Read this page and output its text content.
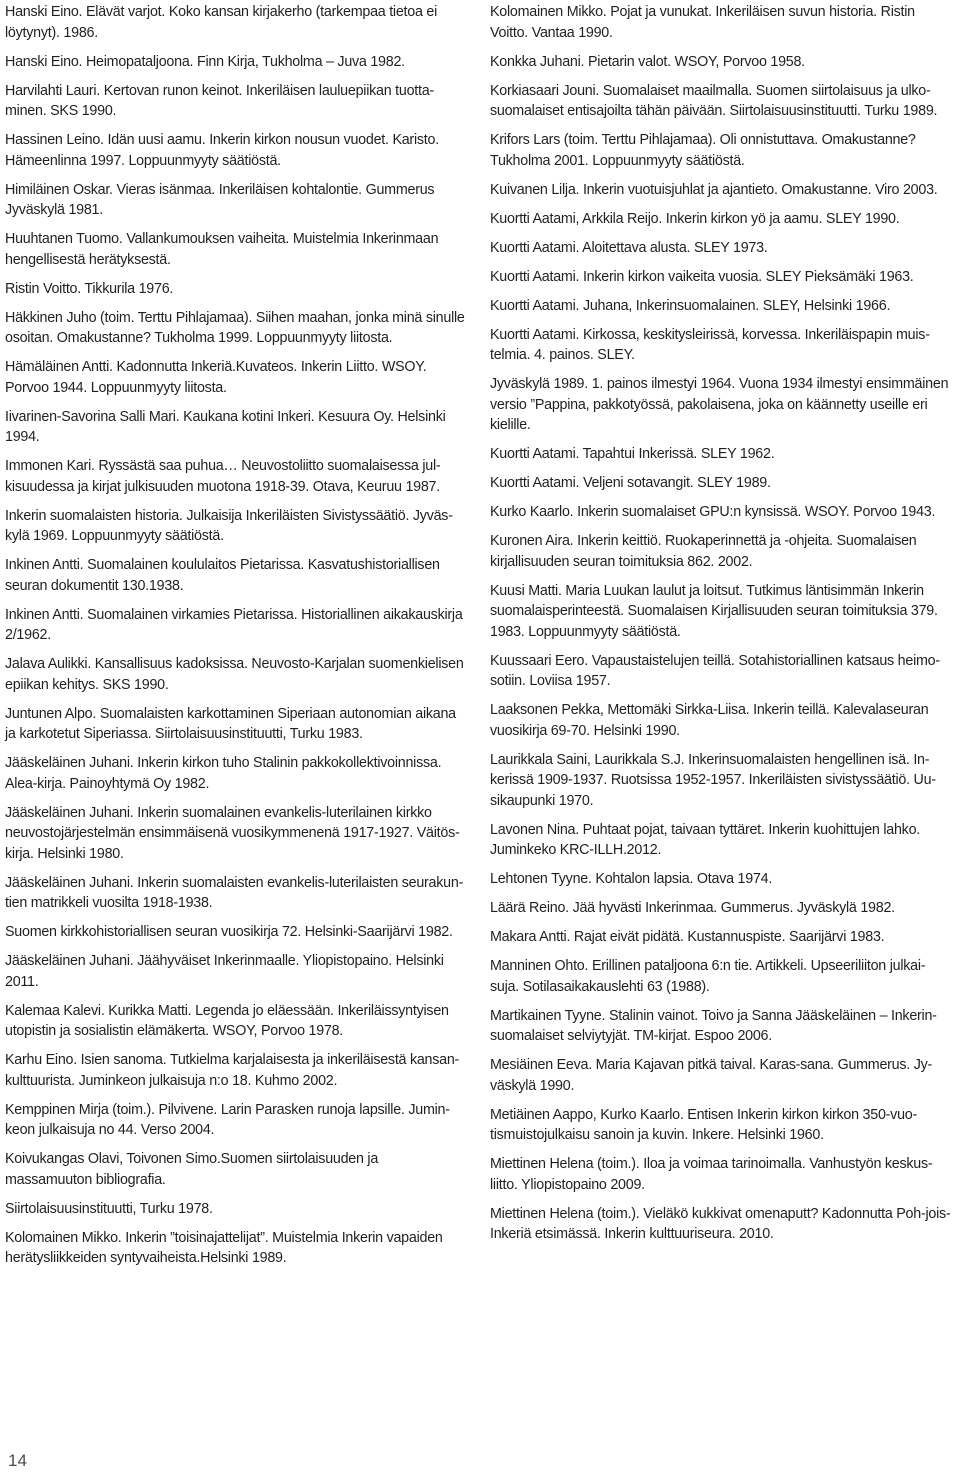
Hanski Eino. Elävät varjot. Koko kansan kirjakerho (tarkempaa tietoa ei löytynyt). 1986.

Hanski Eino. Heimopataljoona. Finn Kirja, Tukholma – Juva 1982.

Harvilahti Lauri. Kertovan runon keinot. Inkeriläisen lauluepiikan tuotta-minen. SKS 1990.

Hassinen Leino. Idän uusi aamu. Inkerin kirkon nousun vuodet. Karisto. Hämeenlinna 1997. Loppuunmyyty säätiöstä.

Himiläinen Oskar. Vieras isänmaa. Inkeriläisen kohtalontie. Gummerus Jyväskylä 1981.

Huuhtanen Tuomo. Vallankumouksen vaiheita. Muistelmia Inkerinmaan hengellisestä herätyksestä.

Ristin Voitto. Tikkurila 1976.

Häkkinen Juho (toim. Terttu Pihlajamaa). Siihen maahan, jonka minä sinulle osoitan. Omakustanne? Tukholma 1999. Loppuunmyyty liitosta.

Hämäläinen Antti. Kadonnutta Inkeriä.Kuvateos. Inkerin Liitto. WSOY. Porvoo 1944. Loppuunmyyty liitosta.

Iivarinen-Savorina Salli Mari. Kaukana kotini Inkeri. Kesuura Oy. Helsinki 1994.

Immonen Kari. Ryssästä saa puhua… Neuvostoliitto suomalaisessa jul-kisuudessa ja kirjat julkisuuden muotona 1918-39. Otava, Keuruu 1987.

Inkerin suomalaisten historia. Julkaisija Inkeriläisten Sivistyssäätiö. Jyväs-kylä 1969. Loppuunmyyty säätiöstä.

Inkinen Antti. Suomalainen koululaitos Pietarissa. Kasvatushistoriallisen seuran dokumentit 130.1938.

Inkinen Antti. Suomalainen virkamies Pietarissa. Historiallinen aikakauskirja 2/1962.

Jalava Aulikki. Kansallisuus kadoksissa. Neuvosto-Karjalan suomenkielisen epiikan kehitys. SKS 1990.

Juntunen Alpo. Suomalaisten karkottaminen Siperiaan autonomian aikana ja karkotetut Siperiassa. Siirtolaisuusinstituutti, Turku 1983.

Jääskeläinen Juhani. Inkerin kirkon tuho Stalinin pakkokollektivoinnissa. Alea-kirja. Painoyhtymä Oy 1982.

Jääskeläinen Juhani. Inkerin suomalainen evankelis-luterilainen kirkko neuvostojärjestelmän ensimmäisenä vuosikymmenenä 1917-1927. Väitös-kirja. Helsinki 1980.

Jääskeläinen Juhani. Inkerin suomalaisten evankelis-luterilaisten seurakun-tien matrikkeli vuosilta 1918-1938.

Suomen kirkkohistoriallisen seuran vuosikirja 72. Helsinki-Saarijärvi 1982.

Jääskeläinen Juhani. Jäähyväiset Inkerinmaalle. Yliopistopaino. Helsinki 2011.

Kalemaa Kalevi. Kurikka Matti. Legenda jo eläessään. Inkeriläissyntyisen utopistin ja sosialistin elämäkerta. WSOY, Porvoo 1978.

Karhu Eino. Isien sanoma. Tutkielma karjalaisesta ja inkeriläisestä kansan-kulttuurista. Juminkeon julkaisuja n:o 18. Kuhmo 2002.

Kemppinen Mirja (toim.). Pilvivene. Larin Parasken runoja lapsille. Jumin-keon julkaisuja no 44. Verso 2004.

Koivukangas Olavi, Toivonen Simo.Suomen siirtolaisuuden ja massamuuton bibliografia.

Siirtolaisuusinstituutti, Turku 1978.

Kolomainen Mikko. Inkerin ”toisinajattelijat”. Muistelmia Inkerin vapaiden herätysliikkeiden syntyvaiheista.Helsinki 1989.

Kolomainen Mikko. Pojat ja vunukat. Inkeriläisen suvun historia. Ristin Voitto. Vantaa 1990.

Konkka Juhani. Pietarin valot. WSOY, Porvoo 1958.

Korkiasaari Jouni. Suomalaiset maailmalla. Suomen siirtolaisuus ja ulko-suomalaiset entisajoilta tähän päivään. Siirtolaisuusinstituutti. Turku 1989.

Krifors Lars (toim. Terttu Pihlajamaa). Oli onnistuttava. Omakustanne? Tukholma 2001. Loppuunmyyty säätiöstä.

Kuivanen Lilja. Inkerin vuotuisjuhlat ja ajantieto. Omakustanne. Viro 2003.

Kuortti Aatami, Arkkila Reijo. Inkerin kirkon yö ja aamu. SLEY 1990.

Kuortti Aatami. Aloitettava alusta. SLEY 1973.

Kuortti Aatami. Inkerin kirkon vaikeita vuosia. SLEY Pieksämäki 1963.

Kuortti Aatami. Juhana, Inkerinsuomalainen. SLEY, Helsinki 1966.

Kuortti Aatami. Kirkossa, keskitysleirissä, korvessa. Inkeriläispapin muis-telmia. 4. painos. SLEY.

Jyväskylä 1989. 1. painos ilmestyi 1964. Vuona 1934 ilmestyi ensimmäinen versio ”Pappina, pakkotyössä, pakolaisena, joka on käännetty useille eri kielille.

Kuortti Aatami. Tapahtui Inkerissä. SLEY 1962.

Kuortti Aatami. Veljeni sotavangit. SLEY 1989.

Kurko Kaarlo. Inkerin suomalaiset GPU:n kynsissä. WSOY. Porvoo 1943.

Kuronen Aira. Inkerin keittiö. Ruokaperinnettä ja -ohjeita. Suomalaisen kirjallisuuden seuran toimituksia 862. 2002.

Kuusi Matti. Maria Luukan laulut ja loitsut. Tutkimus läntisimmän Inkerin suomalaisperinteestä. Suomalaisen Kirjallisuuden seuran toimituksia 379. 1983. Loppuunmyyty säätiöstä.

Kuussaari Eero. Vapaustaistelujen teillä. Sotahistoriallinen katsaus heimo-sotiin. Loviisa 1957.

Laaksonen Pekka, Mettomäki Sirkka-Liisa. Inkerin teillä. Kalevalaseuran vuosikirja 69-70. Helsinki 1990.

Laurikkala Saini, Laurikkala S.J. Inkerinsuomalaisten hengellinen isä. In-kerissä 1909-1937. Ruotsissa 1952-1957. Inkeriläisten sivistyssäätiö. Uu-sikaupunki 1970.

Lavonen Nina. Puhtaat pojat, taivaan tyttäret. Inkerin kuohittujen lahko. Juminkeko KRC-ILLH.2012.

Lehtonen Tyyne. Kohtalon lapsia. Otava 1974.

Läärä Reino. Jää hyvästi Inkerinmaa. Gummerus. Jyväskylä 1982.

Makara Antti. Rajat eivät pidätä. Kustannuspiste. Saarijärvi 1983.

Manninen Ohto. Erillinen pataljoona 6:n tie. Artikkeli. Upseeriliiton julkai-suja. Sotilasaikakauslehti 63 (1988).

Martikainen Tyyne. Stalinin vainot. Toivo ja Sanna Jääskeläinen – Inkerin-suomalaiset selviytyjät. TM-kirjat. Espoo 2006.

Mesiäinen Eeva. Maria Kajavan pitkä taival. Karas-sana. Gummerus. Jy-väskylä 1990.

Metiäinen Aappo, Kurko Kaarlo. Entisen Inkerin kirkon kirkon 350-vuo-tismuistojulkaisu sanoin ja kuvin. Inkere. Helsinki 1960.

Miettinen Helena (toim.). Iloa ja voimaa tarinoimalla. Vanhustyön keskus-liitto. Yliopistopaino 2009.

Miettinen Helena (toim.). Vieläkö kukkivat omenaputt? Kadonnutta Poh-jois-Inkeriä etsimässä. Inkerin kulttuuriseura. 2010.

14
